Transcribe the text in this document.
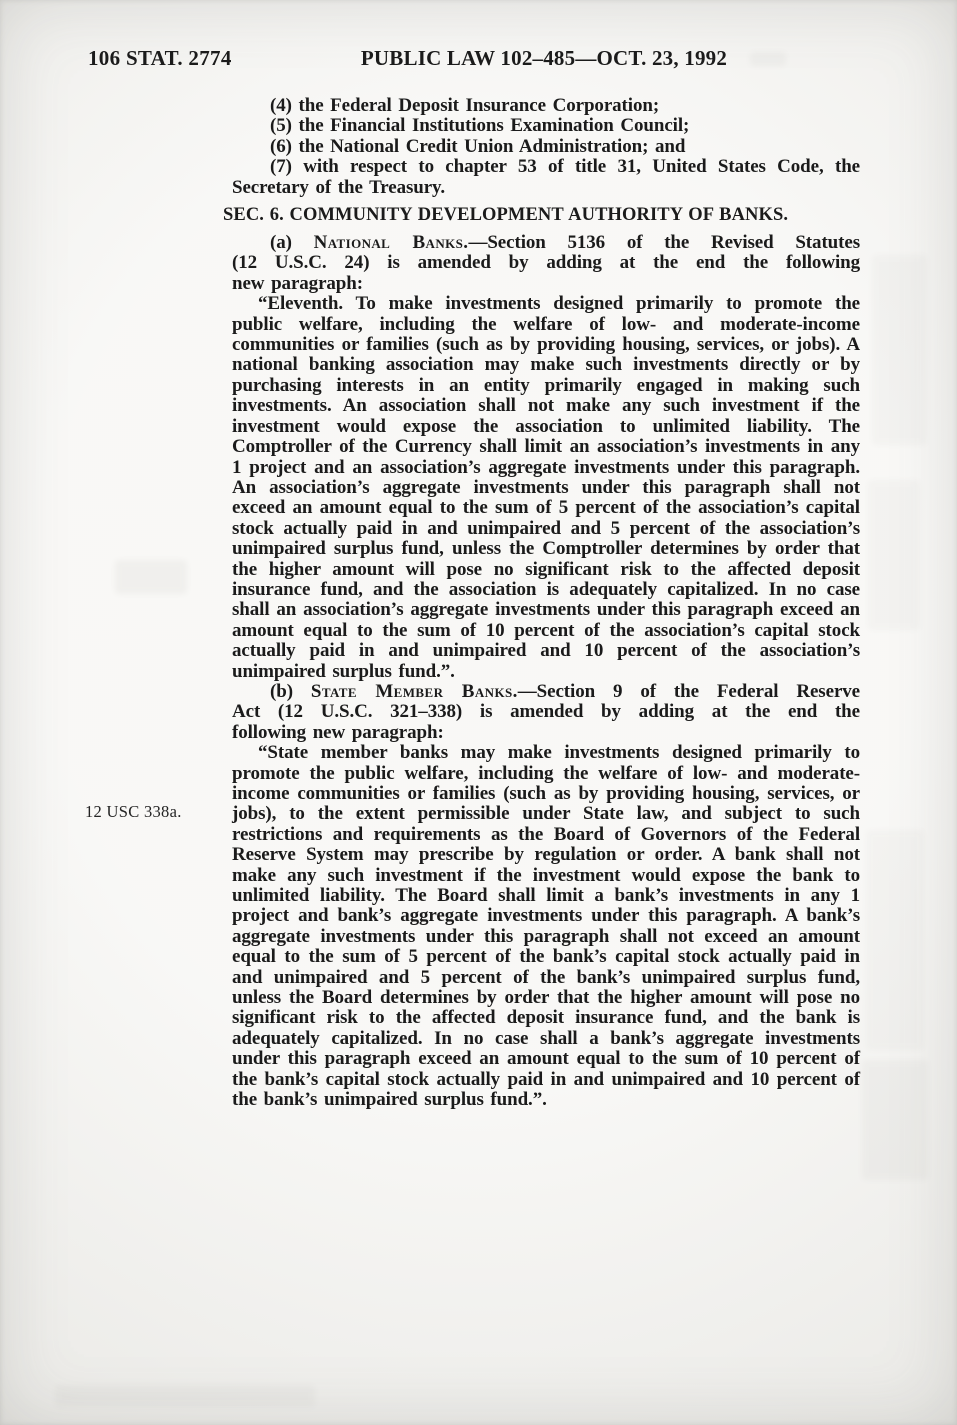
106 STAT. 2774	PUBLIC LAW 102–485—OCT. 23, 1992
12 USC 338a.

(4) the Federal Deposit Insurance Corporation;

(5) the Financial Institutions Examination Council;

(6) the National Credit Union Administration; and

(7) with respect to chapter 53 of title 31, United States Code, the Secretary of the Treasury.

SEC. 6. COMMUNITY DEVELOPMENT AUTHORITY OF BANKS.

(a) National Banks.—Section 5136 of the Revised Statutes

(12 U.S.C. 24) is amended by adding at the end the following

new paragraph:

“Eleventh. To make investments designed primarily to promote the public welfare, including the welfare of low- and moderate-income communities or families (such as by providing housing, services, or jobs). A national banking association may make such investments directly or by purchasing interests in an entity primarily engaged in making such investments. An association shall not make any such investment if the investment would expose the association to unlimited liability. The Comptroller of the Currency shall limit an association’s investments in any 1 project and an association’s aggregate investments under this paragraph. An association’s aggregate investments under this paragraph shall not exceed an amount equal to the sum of 5 percent of the association’s capital stock actually paid in and unimpaired and 5 percent of the association’s unimpaired surplus fund, unless the Comptroller determines by order that the higher amount will pose no significant risk to the affected deposit insurance fund, and the association is adequately capitalized. In no case shall an association’s aggregate investments under this paragraph exceed an amount equal to the sum of 10 percent of the association’s capital stock actually paid in and unimpaired and 10 percent of the association’s unimpaired surplus fund.”.

(b) State Member Banks.—Section 9 of the Federal Reserve

Act (12 U.S.C. 321–338) is amended by adding at the end the

following new paragraph:

“State member banks may make investments designed primarily to promote the public welfare, including the welfare of low- and moderate-income communities or families (such as by providing housing, services, or jobs), to the extent permissible under State law, and subject to such restrictions and requirements as the Board of Governors of the Federal Reserve System may prescribe by regulation or order. A bank shall not make any such investment if the investment would expose the bank to unlimited liability. The Board shall limit a bank’s investments in any 1 project and bank’s aggregate investments under this paragraph. A bank’s aggregate investments under this paragraph shall not exceed an amount equal to the sum of 5 percent of the bank’s capital stock actually paid in and unimpaired and 5 percent of the bank’s unimpaired surplus fund, unless the Board determines by order that the higher amount will pose no significant risk to the affected deposit insurance fund, and the bank is adequately capitalized. In no case shall a bank’s aggregate investments under this paragraph exceed an amount equal to the sum of 10 percent of the bank’s capital stock actually paid in and unimpaired and 10 percent of the bank’s unimpaired surplus fund.”.
